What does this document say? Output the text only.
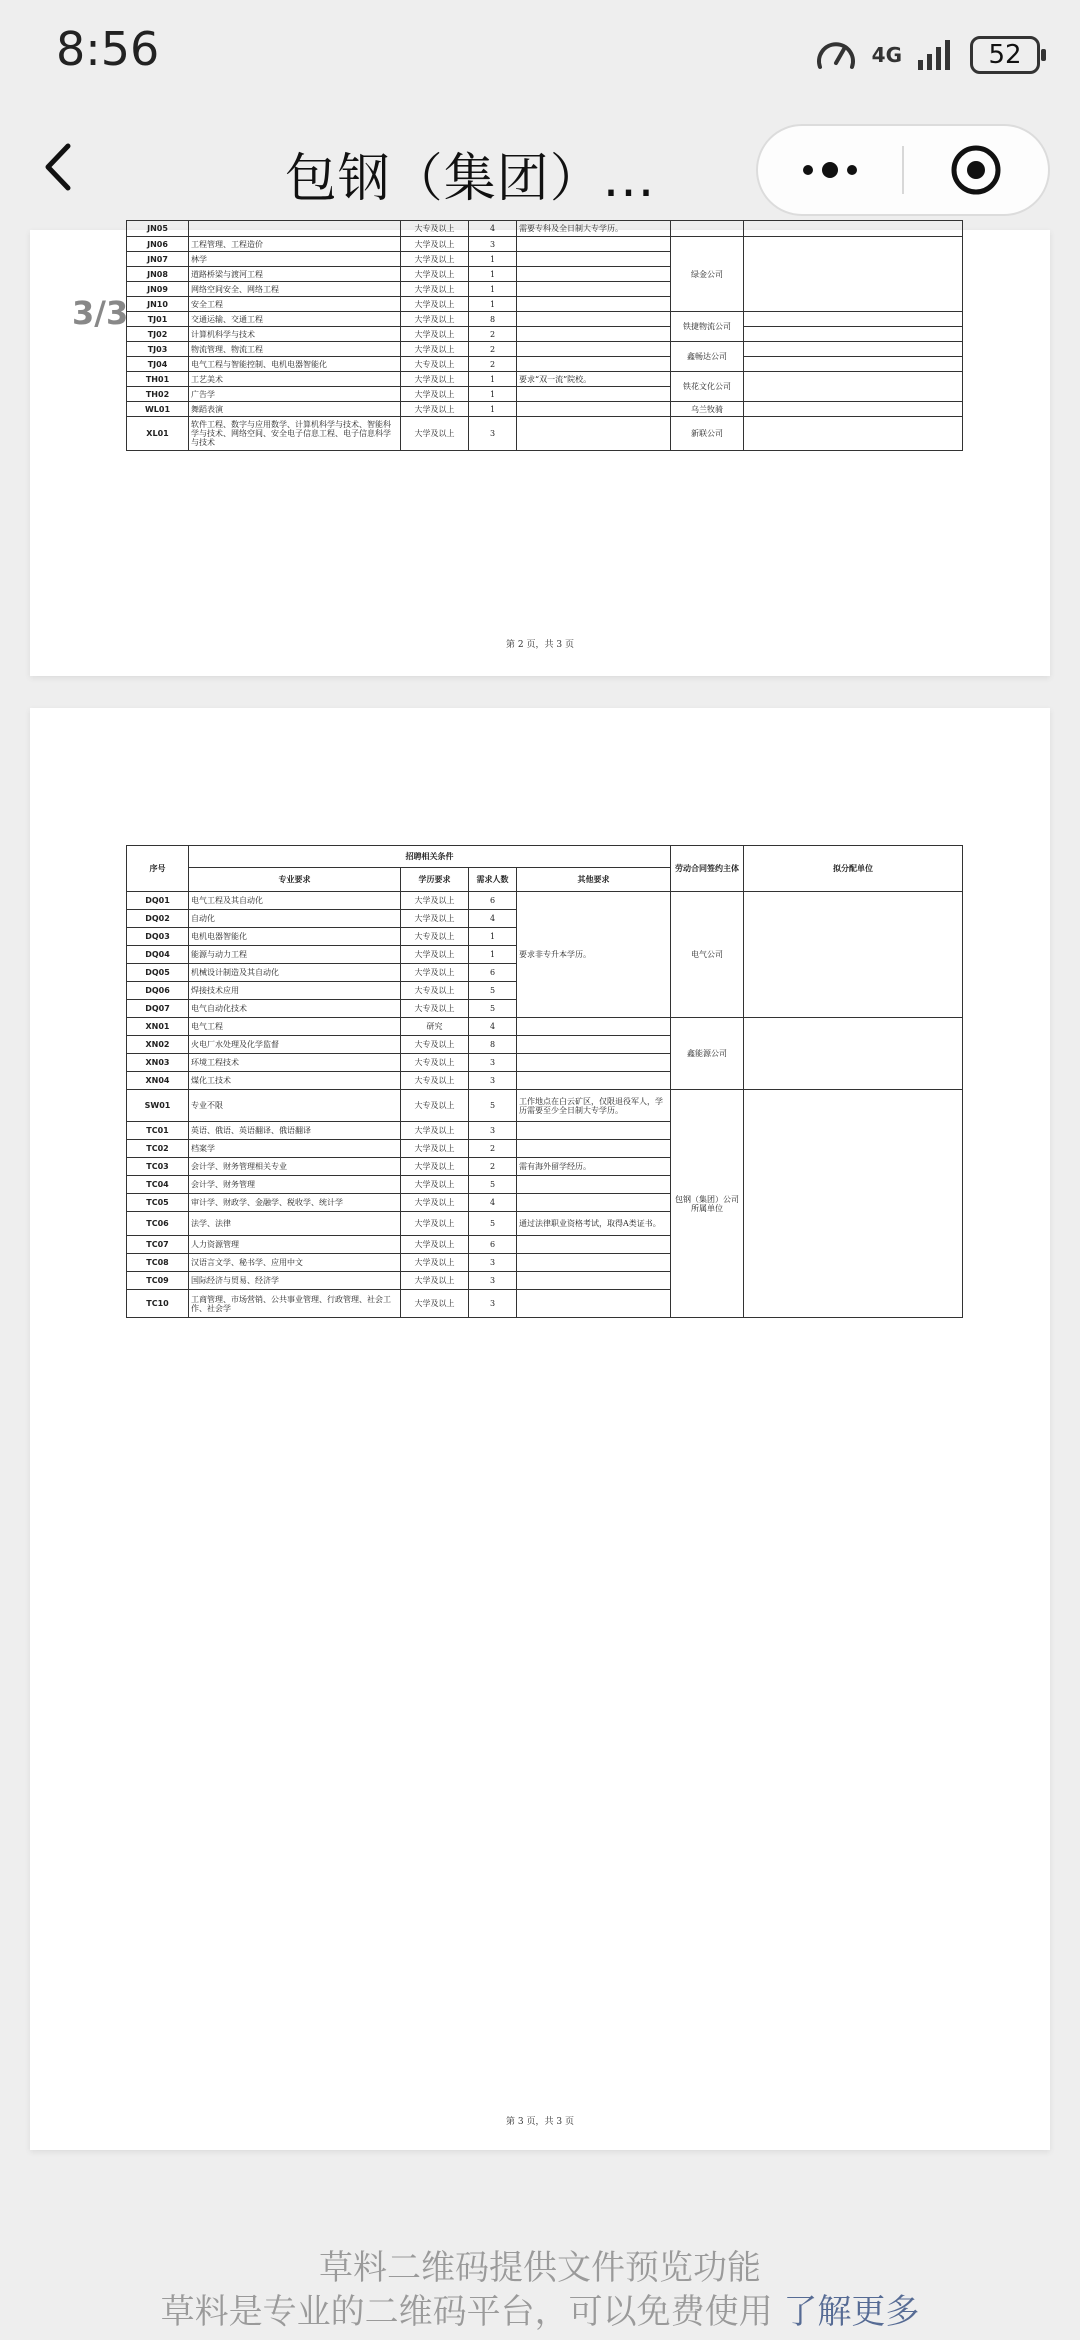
8:56	4G	52
包钢（集团）...
JN05		大专及以上	4	需要专科及全日制大专学历。		
JN06	工程管理、工程造价	大学及以上	3		绿金公司	
JN07	林学	大学及以上	1			
JN08	道路桥梁与渡河工程	大学及以上	1			
JN09	网络空间安全、网络工程	大学及以上	1			
JN10	安全工程	大学及以上	1			
TJ01	交通运输、交通工程	大学及以上	8		铁捷物流公司	
TJ02	计算机科学与技术	大学及以上	2			
TJ03	物流管理、物流工程	大学及以上	2		鑫畅达公司	
TJ04	电气工程与智能控制、电机电器智能化	大专及以上	2			
TH01	工艺美术	大学及以上	1	要求“双一流”院校。	铁花文化公司	
TH02	广告学	大学及以上	1			
WL01	舞蹈表演	大学及以上	1		乌兰牧骑	
XL01	软件工程、数字与应用数学、计算机科学与技术、智能科学与技术、网络空间、安全电子信息工程、电子信息科学与技术	大学及以上	3		新联公司	
第 2 页，共 3 页
3/3
序号	招聘相关条件				劳动合同签约主体	拟分配单位
	专业要求	学历要求	需求人数	其他要求		
DQ01	电气工程及其自动化	大学及以上	6	要求非专升本学历。	电气公司	
DQ02	自动化	大学及以上	4			
DQ03	电机电器智能化	大专及以上	1			
DQ04	能源与动力工程	大学及以上	1			
DQ05	机械设计制造及其自动化	大学及以上	6			
DQ06	焊接技术应用	大专及以上	5			
DQ07	电气自动化技术	大专及以上	5			
XN01	电气工程	研究	4		鑫能源公司	
XN02	火电厂水处理及化学监督	大专及以上	8			
XN03	环境工程技术	大专及以上	3			
XN04	煤化工技术	大专及以上	3			
SW01	专业不限	大专及以上	5	工作地点在白云矿区，仅限退役军人，学历需要至少全日制大专学历。	包钢（集团）公司所属单位	
TC01	英语、俄语、英语翻译、俄语翻译	大学及以上	3			
TC02	档案学	大学及以上	2			
TC03	会计学、财务管理相关专业	大学及以上	2	需有海外留学经历。		
TC04	会计学、财务管理	大学及以上	5			
TC05	审计学、财政学、金融学、税收学、统计学	大学及以上	4			
TC06	法学、法律	大学及以上	5	通过法律职业资格考试，取得A类证书。		
TC07	人力资源管理	大学及以上	6			
TC08	汉语言文学、秘书学、应用中文	大学及以上	3			
TC09	国际经济与贸易、经济学	大学及以上	3			
TC10	工商管理、市场营销、公共事业管理、行政管理、社会工作、社会学	大学及以上	3			
第 3 页，共 3 页
草料二维码提供文件预览功能
草料是专业的二维码平台，可以免费使用 了解更多
